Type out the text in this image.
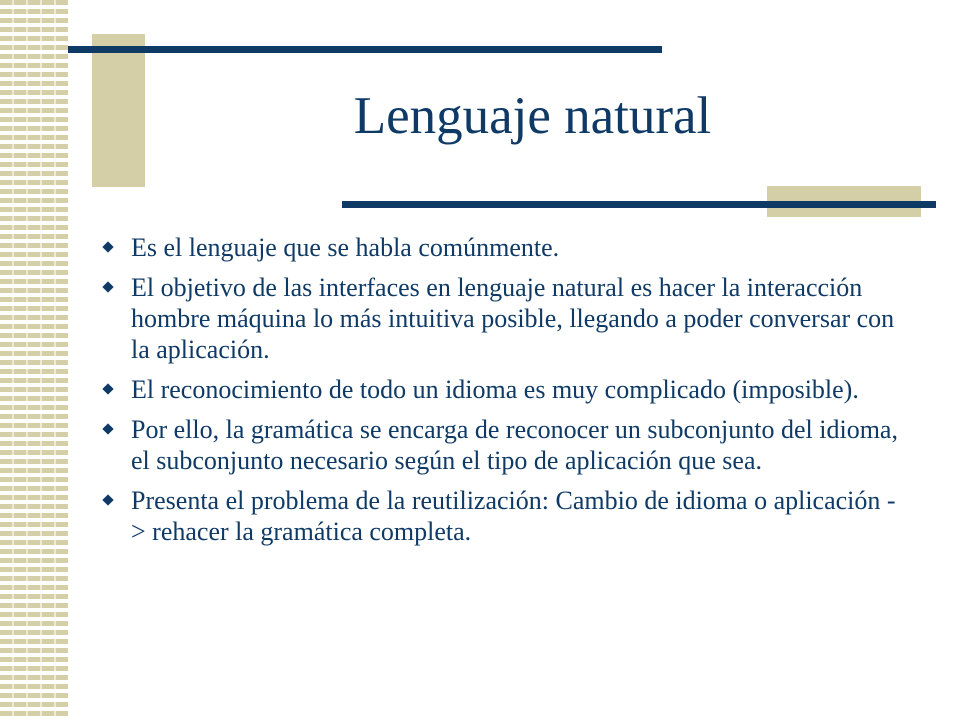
Lenguaje natural
Es el lenguaje que se habla comúnmente.
El objetivo de las interfaces en lenguaje natural es hacer la interacción hombre máquina lo más intuitiva posible, llegando a poder conversar con la aplicación.
El reconocimiento de todo un idioma es muy complicado (imposible).
Por ello, la gramática se encarga de reconocer un subconjunto del idioma, el subconjunto necesario según el tipo de aplicación que sea.
Presenta el problema de la reutilización: Cambio de idioma o aplicación -> rehacer la gramática completa.
